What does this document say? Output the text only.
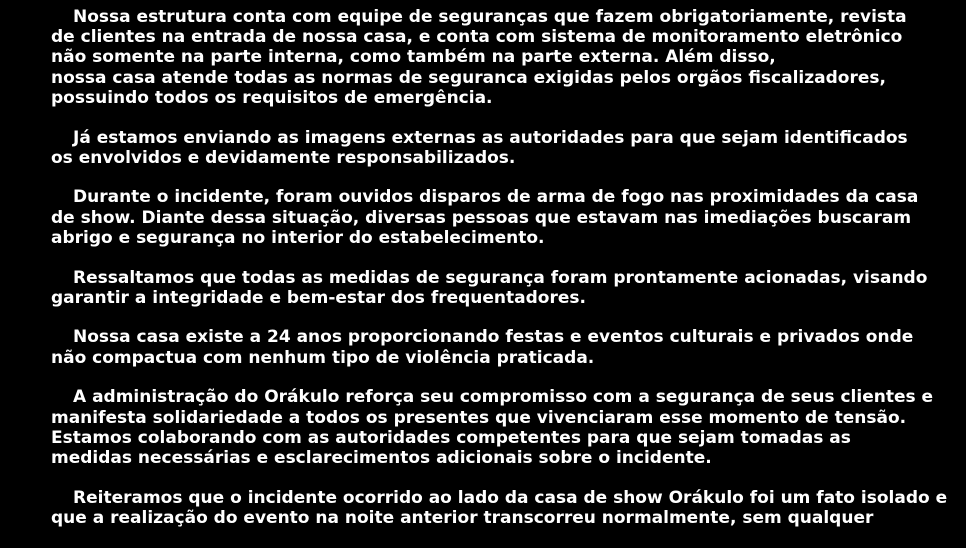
Nossa estrutura conta com equipe de seguranças que fazem obrigatoriamente, revista
de clientes na entrada de nossa casa, e conta com sistema de monitoramento eletrônico
não somente na parte interna, como também na parte externa. Além disso,
nossa casa atende todas as normas de seguranca exigidas pelos orgãos fiscalizadores,
possuindo todos os requisitos de emergência.
Já estamos enviando as imagens externas as autoridades para que sejam identificados
os envolvidos e devidamente responsabilizados.
Durante o incidente, foram ouvidos disparos de arma de fogo nas proximidades da casa
de show. Diante dessa situação, diversas pessoas que estavam nas imediações buscaram
abrigo e segurança no interior do estabelecimento.
Ressaltamos que todas as medidas de segurança foram prontamente acionadas, visando
garantir a integridade e bem-estar dos frequentadores.
Nossa casa existe a 24 anos proporcionando festas e eventos culturais e privados onde
não compactua com nenhum tipo de violência praticada.
A administração do Orákulo reforça seu compromisso com a segurança de seus clientes e
manifesta solidariedade a todos os presentes que vivenciaram esse momento de tensão.
Estamos colaborando com as autoridades competentes para que sejam tomadas as
medidas necessárias e esclarecimentos adicionais sobre o incidente.
Reiteramos que o incidente ocorrido ao lado da casa de show Orákulo foi um fato isolado e
que a realização do evento na noite anterior transcorreu normalmente, sem qualquer
